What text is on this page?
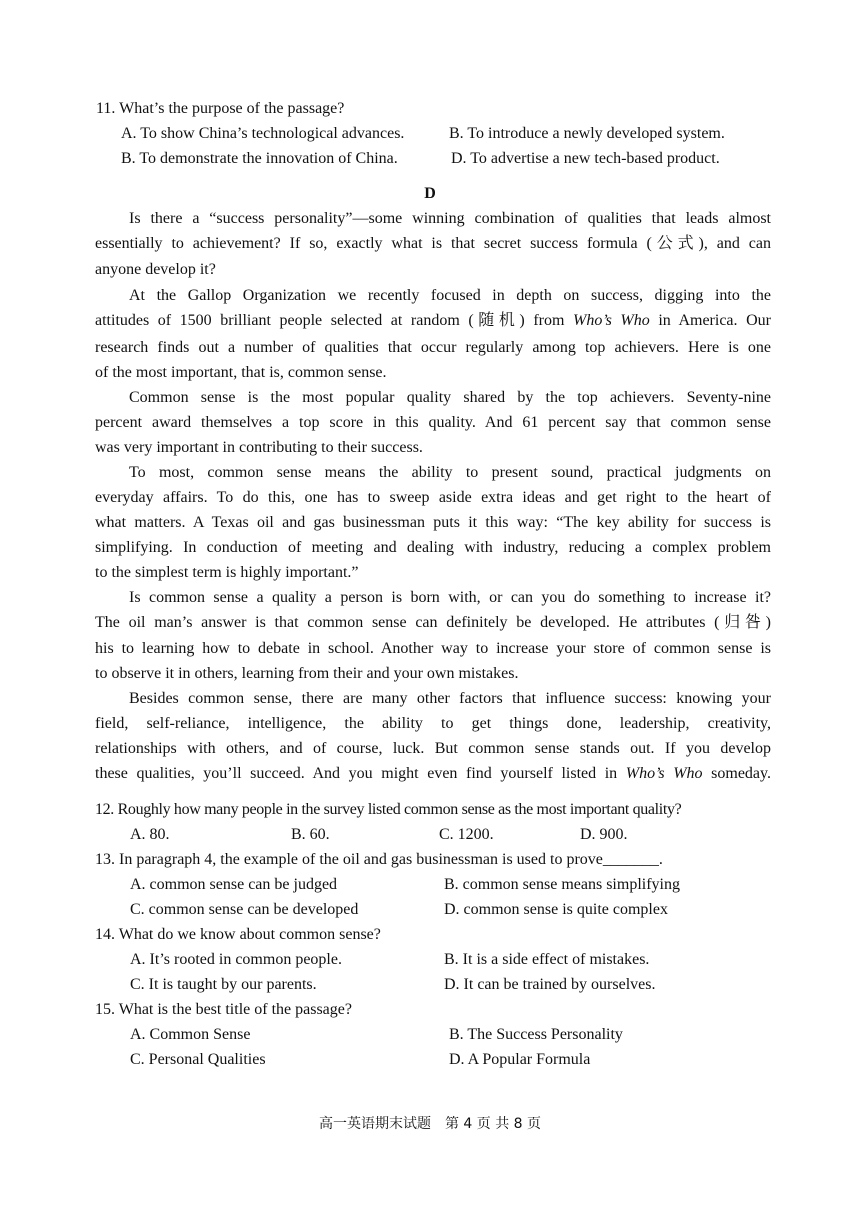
11. What’s the purpose of the passage?
A. To show China’s technological advances.	B. To introduce a newly developed system.
B. To demonstrate the innovation of China.	D. To advertise a new tech-based product.
D
Is there a “success personality”—some winning combination of qualities that leads almost
essentially to achievement? If so, exactly what is that secret success formula (公式), and can
anyone develop it?
At the Gallop Organization we recently focused in depth on success, digging into the
attitudes of 1500 brilliant people selected at random (随机) from Who’s Who in America. Our
research finds out a number of qualities that occur regularly among top achievers. Here is one
of the most important, that is, common sense.
Common sense is the most popular quality shared by the top achievers. Seventy-nine
percent award themselves a top score in this quality. And 61 percent say that common sense
was very important in contributing to their success.
To most, common sense means the ability to present sound, practical judgments on
everyday affairs. To do this, one has to sweep aside extra ideas and get right to the heart of
what matters. A Texas oil and gas businessman puts it this way: “The key ability for success is
simplifying. In conduction of meeting and dealing with industry, reducing a complex problem
to the simplest term is highly important.”
Is common sense a quality a person is born with, or can you do something to increase it?
The oil man’s answer is that common sense can definitely be developed. He attributes (归咎)
his to learning how to debate in school. Another way to increase your store of common sense is
to observe it in others, learning from their and your own mistakes.
Besides common sense, there are many other factors that influence success: knowing your
field, self-reliance, intelligence, the ability to get things done, leadership, creativity,
relationships with others, and of course, luck. But common sense stands out. If you develop
these qualities, you’ll succeed. And you might even find yourself listed in Who’s Who someday.
12. Roughly how many people in the survey listed common sense as the most important quality?
A. 80.	B. 60.	C. 1200.	D. 900.
13. In paragraph 4, the example of the oil and gas businessman is used to prove_______.
A. common sense can be judged	B. common sense means simplifying
C. common sense can be developed	D. common sense is quite complex
14. What do we know about common sense?
A. It’s rooted in common people.	B. It is a side effect of mistakes.
C. It is taught by our parents.	D. It can be trained by ourselves.
15. What is the best title of the passage?
A. Common Sense	B. The Success Personality
C. Personal Qualities	D. A Popular Formula
高一英语期末试题　第 4 页 共 8 页
